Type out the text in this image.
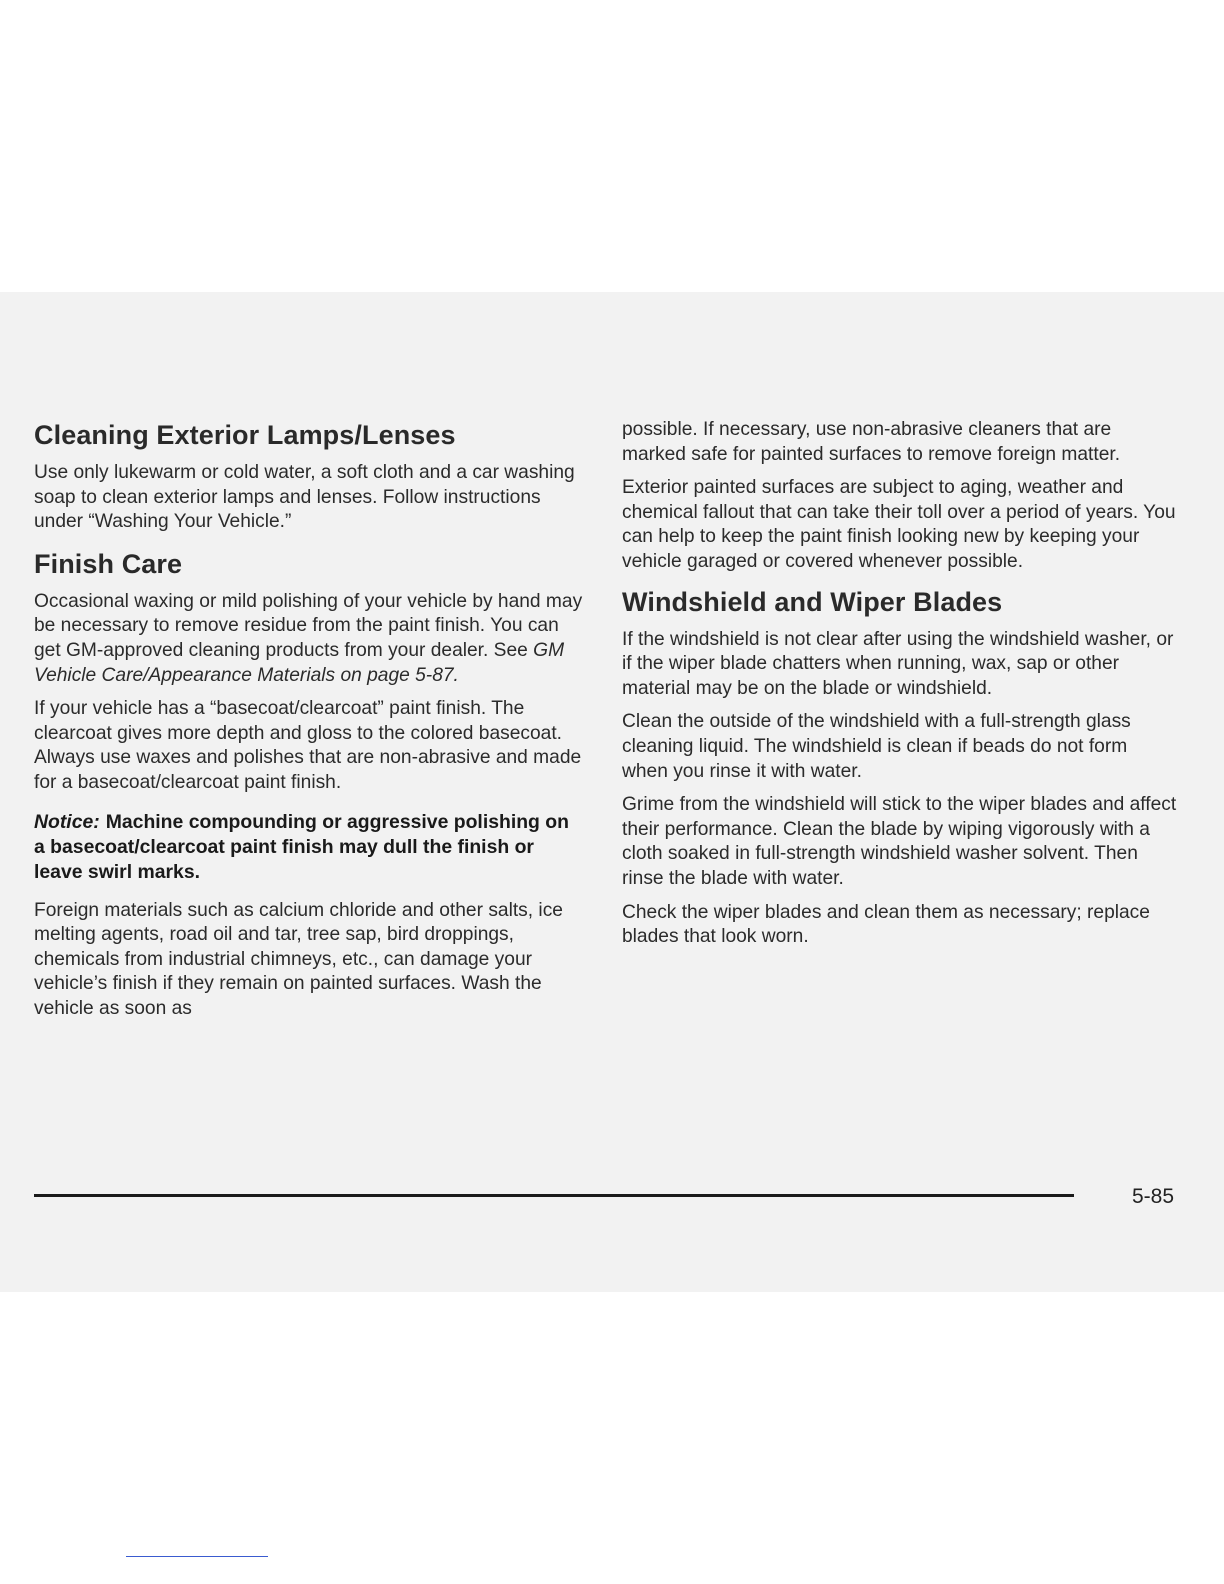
Cleaning Exterior Lamps/Lenses

Use only lukewarm or cold water, a soft cloth and a car washing soap to clean exterior lamps and lenses. Follow instructions under “Washing Your Vehicle.”

Finish Care

Occasional waxing or mild polishing of your vehicle by hand may be necessary to remove residue from the paint finish. You can get GM-approved cleaning products from your dealer. See GM Vehicle Care/Appearance Materials on page 5-87.

If your vehicle has a “basecoat/clearcoat” paint finish. The clearcoat gives more depth and gloss to the colored basecoat. Always use waxes and polishes that are non-abrasive and made for a basecoat/clearcoat paint finish.

Notice: Machine compounding or aggressive polishing on a basecoat/clearcoat paint finish may dull the finish or leave swirl marks.

Foreign materials such as calcium chloride and other salts, ice melting agents, road oil and tar, tree sap, bird droppings, chemicals from industrial chimneys, etc., can damage your vehicle’s finish if they remain on painted surfaces. Wash the vehicle as soon as

possible. If necessary, use non-abrasive cleaners that are marked safe for painted surfaces to remove foreign matter.

Exterior painted surfaces are subject to aging, weather and chemical fallout that can take their toll over a period of years. You can help to keep the paint finish looking new by keeping your vehicle garaged or covered whenever possible.

Windshield and Wiper Blades

If the windshield is not clear after using the windshield washer, or if the wiper blade chatters when running, wax, sap or other material may be on the blade or windshield.

Clean the outside of the windshield with a full-strength glass cleaning liquid. The windshield is clean if beads do not form when you rinse it with water.

Grime from the windshield will stick to the wiper blades and affect their performance. Clean the blade by wiping vigorously with a cloth soaked in full-strength windshield washer solvent. Then rinse the blade with water.

Check the wiper blades and clean them as necessary; replace blades that look worn.

5-85
